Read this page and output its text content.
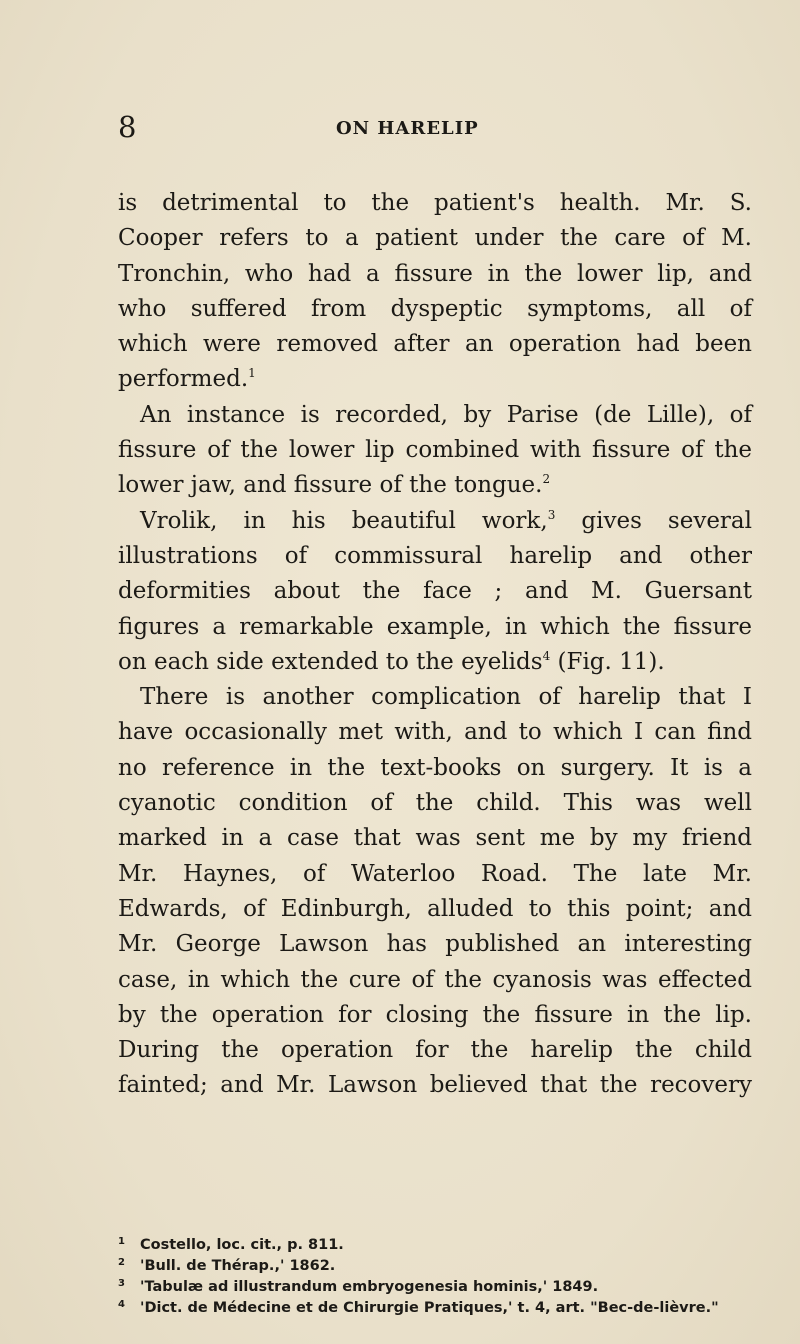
8	ON HARELIP
is detrimental to the patient's health. Mr. S.
Cooper refers to a patient under the care of M.
Tronchin, who had a fissure in the lower lip, and
who suffered from dyspeptic symptoms, all of
which were removed after an operation had been
performed.$^1$
An instance is recorded, by Parise (de Lille), of
fissure of the lower lip combined with fissure of the
lower jaw, and fissure of the tongue.$^2$
Vrolik, in his beautiful work,$^3$ gives several
illustrations of commissural harelip and other
deformities about the face ; and M. Guersant
figures a remarkable example, in which the fissure
on each side extended to the eyelids$^4$ (Fig. 11).
There is another complication of harelip that I
have occasionally met with, and to which I can find
no reference in the text-books on surgery. It is a
cyanotic condition of the child. This was well
marked in a case that was sent me by my friend
Mr. Haynes, of Waterloo Road. The late Mr.
Edwards, of Edinburgh, alluded to this point; and
Mr. George Lawson has published an interesting
case, in which the cure of the cyanosis was effected
by the operation for closing the fissure in the lip.
During the operation for the harelip the child
fainted; and Mr. Lawson believed that the recovery
1 Costello, loc. cit., p. 811.
2 'Bull. de Thérap.,' 1862.
3 'Tabulæ ad illustrandum embryogenesia hominis,' 1849.
4 'Dict. de Médecine et de Chirurgie Pratiques,' t. 4, art. "Bec-de-lièvre."
